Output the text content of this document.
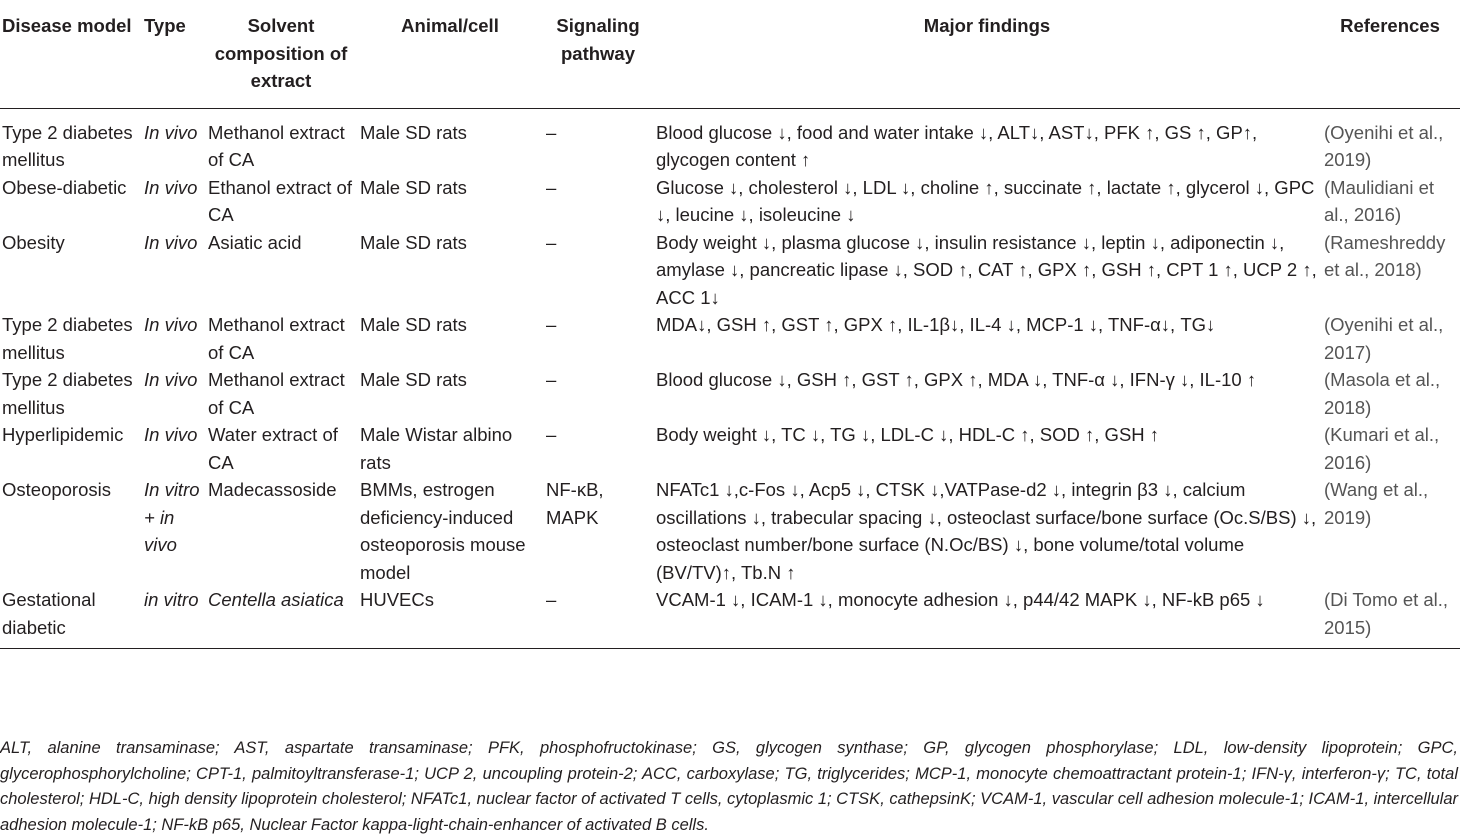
Disease model	Type	Solvent composition of extract	Animal/cell	Signaling pathway	Major findings	References
Type 2 diabetes mellitus	In vivo	Methanol extract of CA	Male SD rats	–	Blood glucose ↓, food and water intake ↓, ALT↓, AST↓, PFK ↑, GS ↑, GP↑, glycogen content ↑	(Oyenihi et al., 2019)
Obese-diabetic	In vivo	Ethanol extract of CA	Male SD rats	–	Glucose ↓, cholesterol ↓, LDL ↓, choline ↑, succinate ↑, lactate ↑, glycerol ↓, GPC ↓, leucine ↓, isoleucine ↓	(Maulidiani et al., 2016)
Obesity	In vivo	Asiatic acid	Male SD rats	–	Body weight ↓, plasma glucose ↓, insulin resistance ↓, leptin ↓, adiponectin ↓, amylase ↓, pancreatic lipase ↓, SOD ↑, CAT ↑, GPX ↑, GSH ↑, CPT 1 ↑, UCP 2 ↑, ACC 1↓	(Rameshreddy et al., 2018)
Type 2 diabetes mellitus	In vivo	Methanol extract of CA	Male SD rats	–	MDA↓, GSH ↑, GST ↑, GPX ↑, IL-1β↓, IL-4 ↓, MCP-1 ↓, TNF-α↓, TG↓	(Oyenihi et al., 2017)
Type 2 diabetes mellitus	In vivo	Methanol extract of CA	Male SD rats	–	Blood glucose ↓, GSH ↑, GST ↑, GPX ↑, MDA ↓, TNF-α ↓, IFN-γ ↓, IL-10 ↑	(Masola et al., 2018)
Hyperlipidemic	In vivo	Water extract of CA	Male Wistar albino rats	–	Body weight ↓, TC ↓, TG ↓, LDL-C ↓, HDL-C ↑, SOD ↑, GSH ↑	(Kumari et al., 2016)
Osteoporosis	In vitro + in vivo	Madecassoside	BMMs, estrogen deficiency-induced osteoporosis mouse model	NF-κB, MAPK	NFATc1 ↓,c-Fos ↓, Acp5 ↓, CTSK ↓,VATPase-d2 ↓, integrin β3 ↓, calcium oscillations ↓, trabecular spacing ↓, osteoclast surface/bone surface (Oc.S/BS) ↓, osteoclast number/bone surface (N.Oc/BS) ↓, bone volume/total volume (BV/TV)↑, Tb.N ↑	(Wang et al., 2019)
Gestational diabetic	in vitro	Centella asiatica	HUVECs	–	VCAM-1 ↓, ICAM-1 ↓, monocyte adhesion ↓, p44/42 MAPK ↓, NF-kB p65 ↓	(Di Tomo et al., 2015)
ALT, alanine transaminase; AST, aspartate transaminase; PFK, phosphofructokinase; GS, glycogen synthase; GP, glycogen phosphorylase; LDL, low-density lipoprotein; GPC, glycerophosphorylcholine; CPT-1, palmitoyltransferase-1; UCP 2, uncoupling protein-2; ACC, carboxylase; TG, triglycerides; MCP-1, monocyte chemoattractant protein-1; IFN-γ, interferon-γ; TC, total cholesterol; HDL-C, high density lipoprotein cholesterol; NFATc1, nuclear factor of activated T cells, cytoplasmic 1; CTSK, cathepsinK; VCAM-1, vascular cell adhesion molecule-1; ICAM-1, intercellular adhesion molecule-1; NF-kB p65, Nuclear Factor kappa-light-chain-enhancer of activated B cells.
